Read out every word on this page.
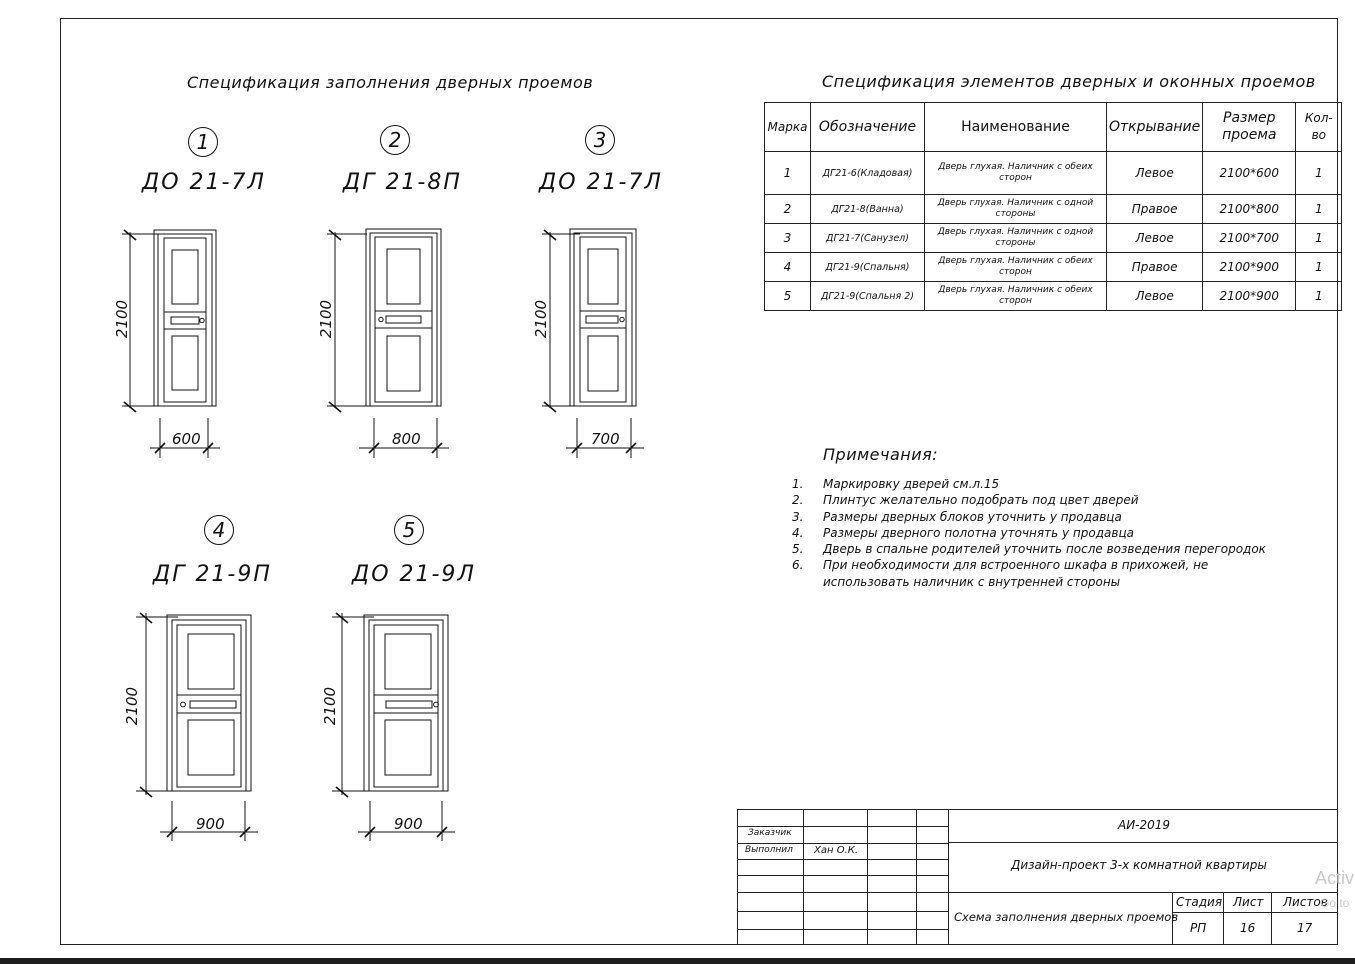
Спецификация заполнения дверных проемов
1
ДО 21-7Л
2100
600
2
ДГ 21-8П
2100
800
3
ДО 21-7Л
2100
700
4
ДГ 21-9П
2100
900
5
ДО 21-9Л
2100
900
Спецификация элементов дверных и оконных проемов
Марка	Обозначение	Наименование	Открывание	Размер проема	Кол-во
1	ДГ21-6(Кладовая)	Дверь глухая. Наличник с обеих сторон	Левое	2100*600	1
2	ДГ21-8(Ванна)	Дверь глухая. Наличник с одной стороны	Правое	2100*800	1
3	ДГ21-7(Санузел)	Дверь глухая. Наличник с одной стороны	Левое	2100*700	1
4	ДГ21-9(Спальня)	Дверь глухая. Наличник с обеих сторон	Правое	2100*900	1
5	ДГ21-9(Спальня 2)	Дверь глухая. Наличник с обеих сторон	Левое	2100*900	1
Примечания:
1.	Маркировку дверей см.л.15
2.	Плинтус желательно подобрать под цвет дверей
3.	Размеры дверных блоков уточнить у продавца
4.	Размеры дверного полотна уточнять у продавца
5.	Дверь в спальне родителей уточнить после возведения перегородок
6.	При необходимости для встроенного шкафа в прихожей, не использовать наличник с внутренней стороны
Заказчик
Выполнил Хан О.К.
АИ-2019
Дизайн-проект 3-х комнатной квартиры
Схема заполнения дверных проемов
Стадия Лист Листов
РП	16	17
Activ
Go to
